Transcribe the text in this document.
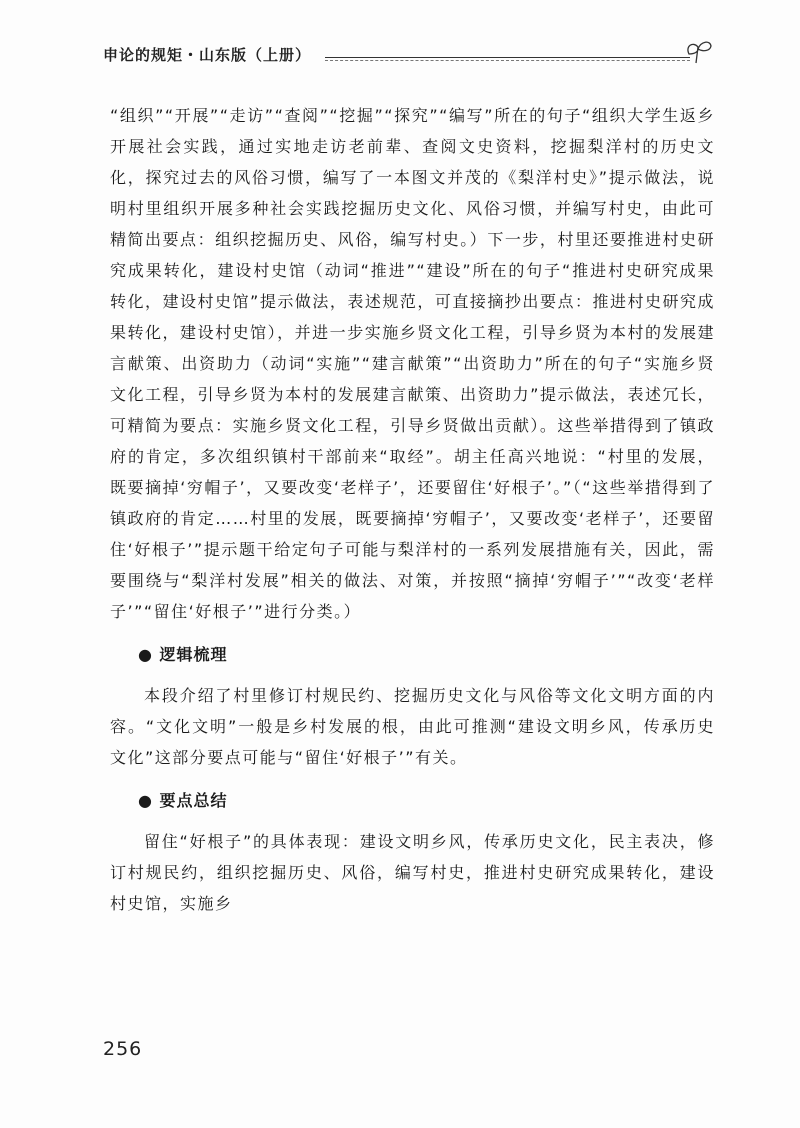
申论的规矩・山东版（上册）

“组织”“开展”“走访”“查阅”“挖掘”“探究”“编写”所在的句子“组织大学生返乡开展社会实践，通过实地走访老前辈、查阅文史资料，挖掘梨洋村的历史文化，探究过去的风俗习惯，编写了一本图文并茂的《梨洋村史》”提示做法，说明村里组织开展多种社会实践挖掘历史文化、风俗习惯，并编写村史，由此可精简出要点：组织挖掘历史、风俗，编写村史。）下一步，村里还要推进村史研究成果转化，建设村史馆（动词“推进”“建设”所在的句子“推进村史研究成果转化，建设村史馆”提示做法，表述规范，可直接摘抄出要点：推进村史研究成果转化，建设村史馆），并进一步实施乡贤文化工程，引导乡贤为本村的发展建言献策、出资助力（动词“实施”“建言献策”“出资助力”所在的句子“实施乡贤文化工程，引导乡贤为本村的发展建言献策、出资助力”提示做法，表述冗长，可精简为要点：实施乡贤文化工程，引导乡贤做出贡献）。这些举措得到了镇政府的肯定，多次组织镇村干部前来“取经”。胡主任高兴地说：“村里的发展，既要摘掉‘穷帽子’，又要改变‘老样子’，还要留住‘好根子’。”（“这些举措得到了镇政府的肯定……村里的发展，既要摘掉‘穷帽子’，又要改变‘老样子’，还要留住‘好根子’”提示题干给定句子可能与梨洋村的一系列发展措施有关，因此，需要围绕与“梨洋村发展”相关的做法、对策，并按照“摘掉‘穷帽子’”“改变‘老样子’”“留住‘好根子’”进行分类。）

● 逻辑梳理

本段介绍了村里修订村规民约、挖掘历史文化与风俗等文化文明方面的内容。“文化文明”一般是乡村发展的根，由此可推测“建设文明乡风，传承历史文化”这部分要点可能与“留住‘好根子’”有关。

● 要点总结

留住“好根子”的具体表现：建设文明乡风，传承历史文化，民主表决，修订村规民约，组织挖掘历史、风俗，编写村史，推进村史研究成果转化，建设村史馆，实施乡

256
